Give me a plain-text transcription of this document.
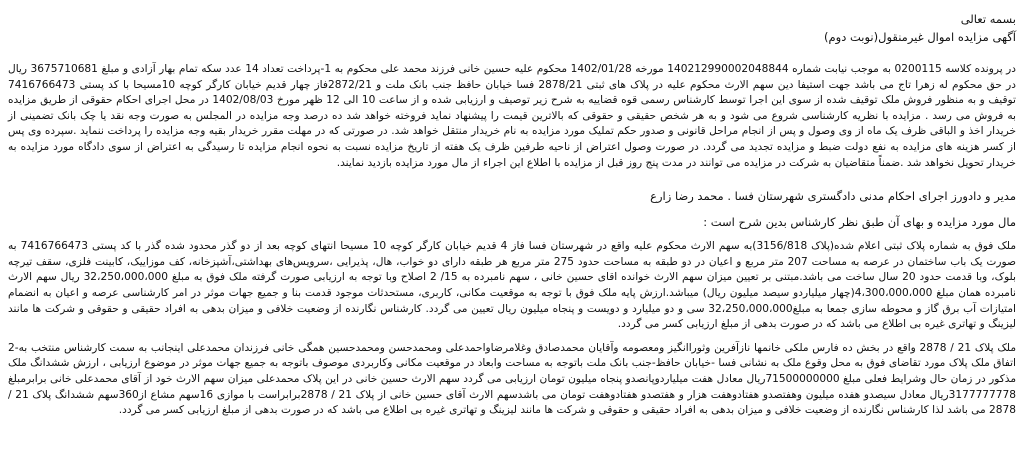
بسمه تعالی
آگهی مزایده اموال غیرمنقول(نوبت دوم)

در پرونده کلاسه 0200115 به موجب نیابت شماره 140212990002048844 مورخه 1402/01/28 محکوم علیه حسین خانی فرزند محمد علی محکوم به 1-پرداخت تعداد 14 عدد سکه تمام بهار آزادی و مبلغ 3675710681 ریال در حق محکوم له زهرا تاج می باشد جهت استیفا دین سهم الارث محکوم علیه در پلاک های ثبتی 2878/21 فسا خیابان حافظ جنب بانک ملت و 2872/21فاز چهار قدیم خیابان کارگر کوچه 10مسیحا با کد پستی 7416766473 توقیف و به منظور فروش ملک توقیف شده از سوی این اجرا توسط کارشناس رسمی قوه قضاییه به شرح زیر توصیف و ارزیابی شده و از ساعت 10 الی 12 ظهر مورخ 1402/08/03 در محل اجرای احکام حقوقی از طریق مزایده به فروش می رسد . مزایده با نظریه کارشناسی شروع می شود و به هر شخص حقیقی و حقوقی که بالاترین قیمت را پیشنهاد نماید فروخته خواهد شد ده درصد وجه مزایده در المجلس به صورت وجه نقد یا چک بانک تضمینی از خریدار اخذ و الباقی ظرف یک ماه از وی وصول و پس از انجام مراحل قانونی و صدور حکم تملیک مورد مزایده به نام خریدار منتقل خواهد شد. در صورتی که در مهلت مقرر خریدار بقیه وجه مزایده را پرداخت ننماید .سپرده وی پس از کسر هزینه های مزایده به نفع دولت ضبط و مزایده تجدید می گردد. در صورت وصول اعتراض از ناحیه طرفین ظرف یک هفته از تاریخ مزایده نسبت به نحوه انجام مزایده تا رسیدگی به اعتراض از سوی دادگاه مورد مزایده به خریدار تحویل نخواهد شد .ضمناً متقاضیان به شرکت در مزایده می توانند در مدت پنج روز قبل از مزایده با اطلاع این اجراء از مال مورد مزایده بازدید نمایند.

مدیر و دادورز اجرای احکام مدنی دادگستری شهرستان فسا . محمد رضا زارع
مال مورد مزایده و بهای آن طبق نظر کارشناس بدین شرح است :

ملک فوق به شماره پلاک ثبتی اعلام شده(پلاک 3156/818)به سهم الارث محکوم علیه واقع در شهرستان فسا فاز 4 قدیم خیابان کارگر کوچه 10 مسیحا انتهای کوچه بعد از دو گذر محدود شده گذر با کد پستی 7416766473 به صورت یک باب ساختمان در عرصه به مساحت 207 متر مربع و اعیان در دو طبقه به مساحت حدود 275 متر مربع هر طبقه دارای دو خواب، هال، پذیرایی ،سرویس‌های بهداشتی،آشپزخانه، کف موزاییک، کابینت فلزی، سقف تیرچه بلوک، وبا قدمت حدود 20 سال ساخت می باشد.مبتنی بر تعیین میزان سهم الارث خوانده اقای حسین خانی ، سهم نامبرده به 15/ 2 اصلاح وبا توجه به ارزیابی صورت گرفته ملک فوق به مبلغ 32،250،000،000 ریال سهم الارث نامبرده همان مبلغ 4،300،000،000(چهار میلیاردو سیصد میلیون ریال) میباشد.ارزش پایه ملک فوق با توجه به موقعیت مکانی، کاربری، مستحدثات موجود قدمت بنا و جمیع جهات موثر در امر کارشناسی عرصه و اعیان به انضمام امتیازات آب برق گاز و محوطه سازی جمعا به مبلغ32،250،000،000 سی و دو میلیارد و دویست و پنجاه میلیون ریال تعیین می گردد. کارشناس نگارنده از وضعیت خلافی و میزان بدهی به افراد حقیقی و حقوقی و شرکت ها مانند لیزینگ و تهاتری غیره بی اطلاع می باشد که در صورت بدهی از مبلغ ارزیابی کسر می گردد.

ملک پلاک 21 / 2878 واقع در بخش ده فارس ملکی خانمها نازآفرین وثوراانگیز ومعصومه وآقایان محمدصادق وغلامرضاواحمدعلی ومحمدحسن ومحمدحسین همگی خانی فرزندان محمدعلی اینجانب به سمت کارشناس منتخب به-2 اتفاق ملک پلاک مورد تقاضای فوق به محل وقوع ملک به نشانی فسا -خیابان حافظ-جنب بانک ملت باتوجه به مساحت وابعاد در موقعیت مکانی وکاربردی موصوف باتوجه به جمیع جهات موثر در موضوع ارزیابی ، ارزش ششدانگ ملک مذکور در زمان حال وشرایط فعلی مبلغ 71500000000ریال معادل هفت میلیاردوپانصدو پنجاه میلیون تومان ارزیابی می گردد سهم الارث حسین خانی در این پلاک محمدعلی میزان سهم الارث خود از آقای محمدعلی خانی برابرمبلغ 3177777778ریال معادل سیصدو هفده میلیون وهفتصدو هفتادوهفت هزار و هفتصدو هفتادوهفت تومان می باشدسهم الارث آقای حسین خانی از پلاک 21 / 2878برابراست با موازی 16سهم مشاع از360سهم ششدانگ پلاک 21 / 2878 می باشد لذا کارشناس نگارنده از وضعیت خلافی و میزان بدهی به افراد حقیقی و حقوقی و شرکت ها مانند لیزینگ و تهاتری غیره بی اطلاع می باشد که در صورت بدهی از مبلغ ارزیابی کسر می گردد.
